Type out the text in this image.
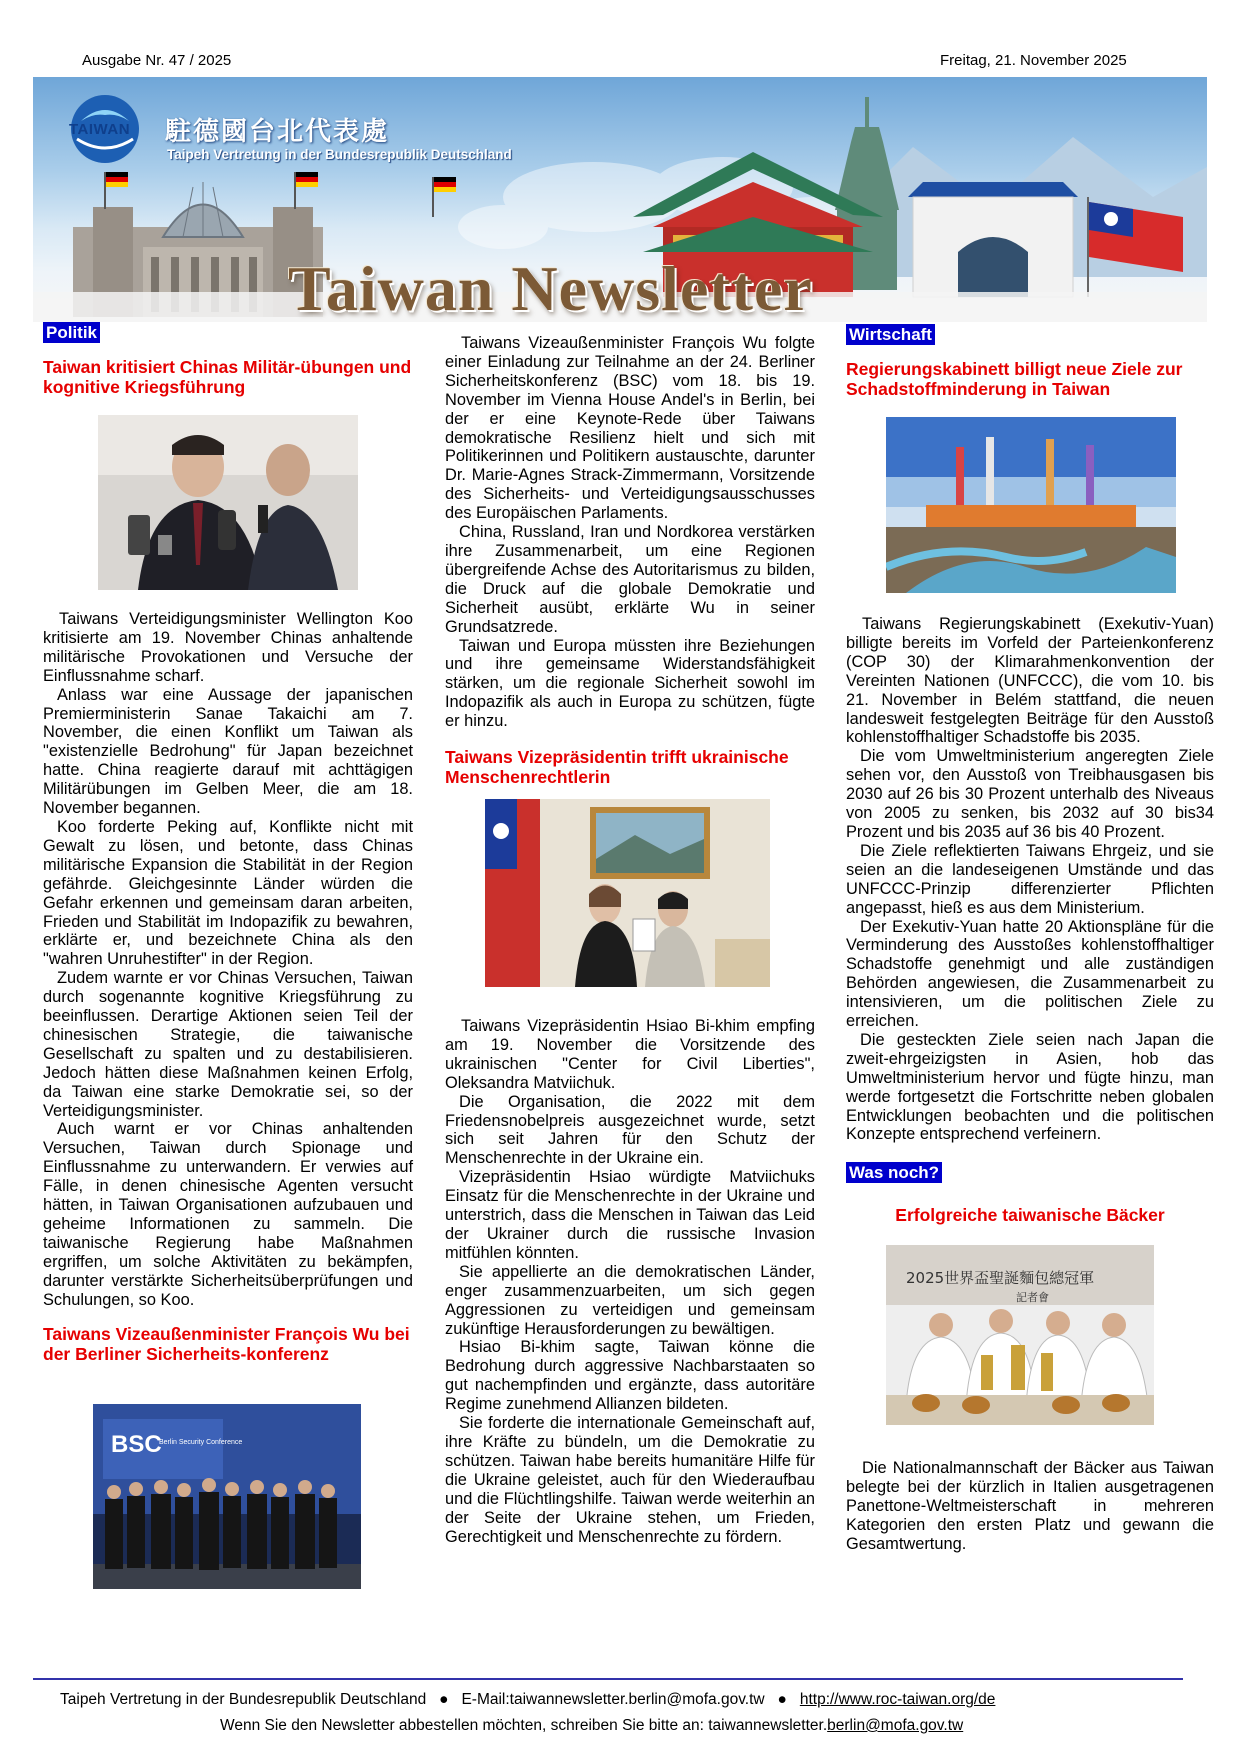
Ausgabe Nr. 47 / 2025	Freitag, 21. November 2025
TAIWAN 駐德國台北代表處
Taipeh Vertretung in der Bundesrepublik Deutschland
Taiwan Newsletter
Politik
Taiwan kritisiert Chinas Militär-übungen und kognitive Kriegsführung

Taiwans Verteidigungsminister Wellington Koo kritisierte am 19. November Chinas anhaltende militärische Provokationen und Versuche der Einflussnahme scharf.

Anlass war eine Aussage der japanischen Premierministerin Sanae Takaichi am 7. November, die einen Konflikt um Taiwan als "existenzielle Bedrohung" für Japan bezeichnet hatte. China reagierte darauf mit achttägigen Militärübungen im Gelben Meer, die am 18. November begannen.

Koo forderte Peking auf, Konflikte nicht mit Gewalt zu lösen, und betonte, dass Chinas militärische Expansion die Stabilität in der Region gefährde. Gleichgesinnte Länder würden die Gefahr erkennen und gemeinsam daran arbeiten, Frieden und Stabilität im Indopazifik zu bewahren, erklärte er, und bezeichnete China als den "wahren Unruhestifter" in der Region.

Zudem warnte er vor Chinas Versuchen, Taiwan durch sogenannte kognitive Kriegsführung zu beeinflussen. Derartige Aktionen seien Teil der chinesischen Strategie, die taiwanische Gesellschaft zu spalten und zu destabilisieren. Jedoch hätten diese Maßnahmen keinen Erfolg, da Taiwan eine starke Demokratie sei, so der Verteidigungsminister.

Auch warnt er vor Chinas anhaltenden Versuchen, Taiwan durch Spionage und Einflussnahme zu unterwandern. Er verwies auf Fälle, in denen chinesische Agenten versucht hätten, in Taiwan Organisationen aufzubauen und geheime Informationen zu sammeln. Die taiwanische Regierung habe Maßnahmen ergriffen, um solche Aktivitäten zu bekämpfen, darunter verstärkte Sicherheitsüberprüfungen und Schulungen, so Koo.

Taiwans Vizeaußenminister François Wu bei der Berliner Sicherheits-konferenz
BSC
Berlin Security Conference

Taiwans Vizeaußenminister François Wu folgte einer Einladung zur Teilnahme an der 24. Berliner Sicherheitskonferenz (BSC) vom 18. bis 19. November im Vienna House Andel's in Berlin, bei der er eine Keynote-Rede über Taiwans demokratische Resilienz hielt und sich mit Politikerinnen und Politikern austauschte, darunter Dr. Marie-Agnes Strack-Zimmermann, Vorsitzende des Sicherheits- und Verteidigungsausschusses des Europäischen Parlaments.

China, Russland, Iran und Nordkorea verstärken ihre Zusammenarbeit, um eine Regionen übergreifende Achse des Autoritarismus zu bilden, die Druck auf die globale Demokratie und Sicherheit ausübt, erklärte Wu in seiner Grundsatzrede.

Taiwan und Europa müssten ihre Beziehungen und ihre gemeinsame Widerstandsfähigkeit stärken, um die regionale Sicherheit sowohl im Indopazifik als auch in Europa zu schützen, fügte er hinzu.

Taiwans Vizepräsidentin trifft ukrainische Menschenrechtlerin

Taiwans Vizepräsidentin Hsiao Bi-khim empfing am 19. November die Vorsitzende des ukrainischen "Center for Civil Liberties", Oleksandra Matviichuk.

Die Organisation, die 2022 mit dem Friedensnobelpreis ausgezeichnet wurde, setzt sich seit Jahren für den Schutz der Menschenrechte in der Ukraine ein.

Vizepräsidentin Hsiao würdigte Matviichuks Einsatz für die Menschenrechte in der Ukraine und unterstrich, dass die Menschen in Taiwan das Leid der Ukrainer durch die russische Invasion mitfühlen könnten.

Sie appellierte an die demokratischen Länder, enger zusammenzuarbeiten, um sich gegen Aggressionen zu verteidigen und gemeinsam zukünftige Herausforderungen zu bewältigen.

Hsiao Bi-khim sagte, Taiwan könne die Bedrohung durch aggressive Nachbarstaaten so gut nachempfinden und ergänzte, dass autoritäre Regime zunehmend Allianzen bildeten.

Sie forderte die internationale Gemeinschaft auf, ihre Kräfte zu bündeln, um die Demokratie zu schützen. Taiwan habe bereits humanitäre Hilfe für die Ukraine geleistet, auch für den Wiederaufbau und die Flüchtlingshilfe. Taiwan werde weiterhin an der Seite der Ukraine stehen, um Frieden, Gerechtigkeit und Menschenrechte zu fördern.

Wirtschaft
Regierungskabinett billigt neue Ziele zur Schadstoffminderung in Taiwan

Taiwans Regierungskabinett (Exekutiv-Yuan) billigte bereits im Vorfeld der Parteienkonferenz (COP 30) der Klimarahmenkonvention der Vereinten Nationen (UNFCCC), die vom 10. bis 21. November in Belém stattfand, die neuen landesweit festgelegten Beiträge für den Ausstoß kohlenstoffhaltiger Schadstoffe bis 2035.

Die vom Umweltministerium angeregten Ziele sehen vor, den Ausstoß von Treibhausgasen bis 2030 auf 26 bis 30 Prozent unterhalb des Niveaus von 2005 zu senken, bis 2032 auf 30 bis34 Prozent und bis 2035 auf 36 bis 40 Prozent.

Die Ziele reflektierten Taiwans Ehrgeiz, und sie seien an die landeseigenen Umstände und das UNFCCC-Prinzip differenzierter Pflichten angepasst, hieß es aus dem Ministerium.

Der Exekutiv-Yuan hatte 20 Aktionspläne für die Verminderung des Ausstoßes kohlenstoffhaltiger Schadstoffe genehmigt und alle zuständigen Behörden angewiesen, die Zusammenarbeit zu intensivieren, um die politischen Ziele zu erreichen.

Die gesteckten Ziele seien nach Japan die zweit-ehrgeizigsten in Asien, hob das Umweltministerium hervor und fügte hinzu, man werde fortgesetzt die Fortschritte neben globalen Entwicklungen beobachten und die politischen Konzepte entsprechend verfeinern.

Was noch?
Erfolgreiche taiwanische Bäcker
2025世界盃聖誕麵包總冠軍
記者會

Die Nationalmannschaft der Bäcker aus Taiwan belegte bei der kürzlich in Italien ausgetragenen Panettone-Weltmeisterschaft in mehreren Kategorien den ersten Platz und gewann die Gesamtwertung.

Taipeh Vertretung in der Bundesrepublik Deutschland ● E-Mail:taiwannewsletter.berlin@mofa.gov.tw ● http://www.roc-taiwan.org/de
Wenn Sie den Newsletter abbestellen möchten, schreiben Sie bitte an: taiwannewsletter.berlin@mofa.gov.tw
